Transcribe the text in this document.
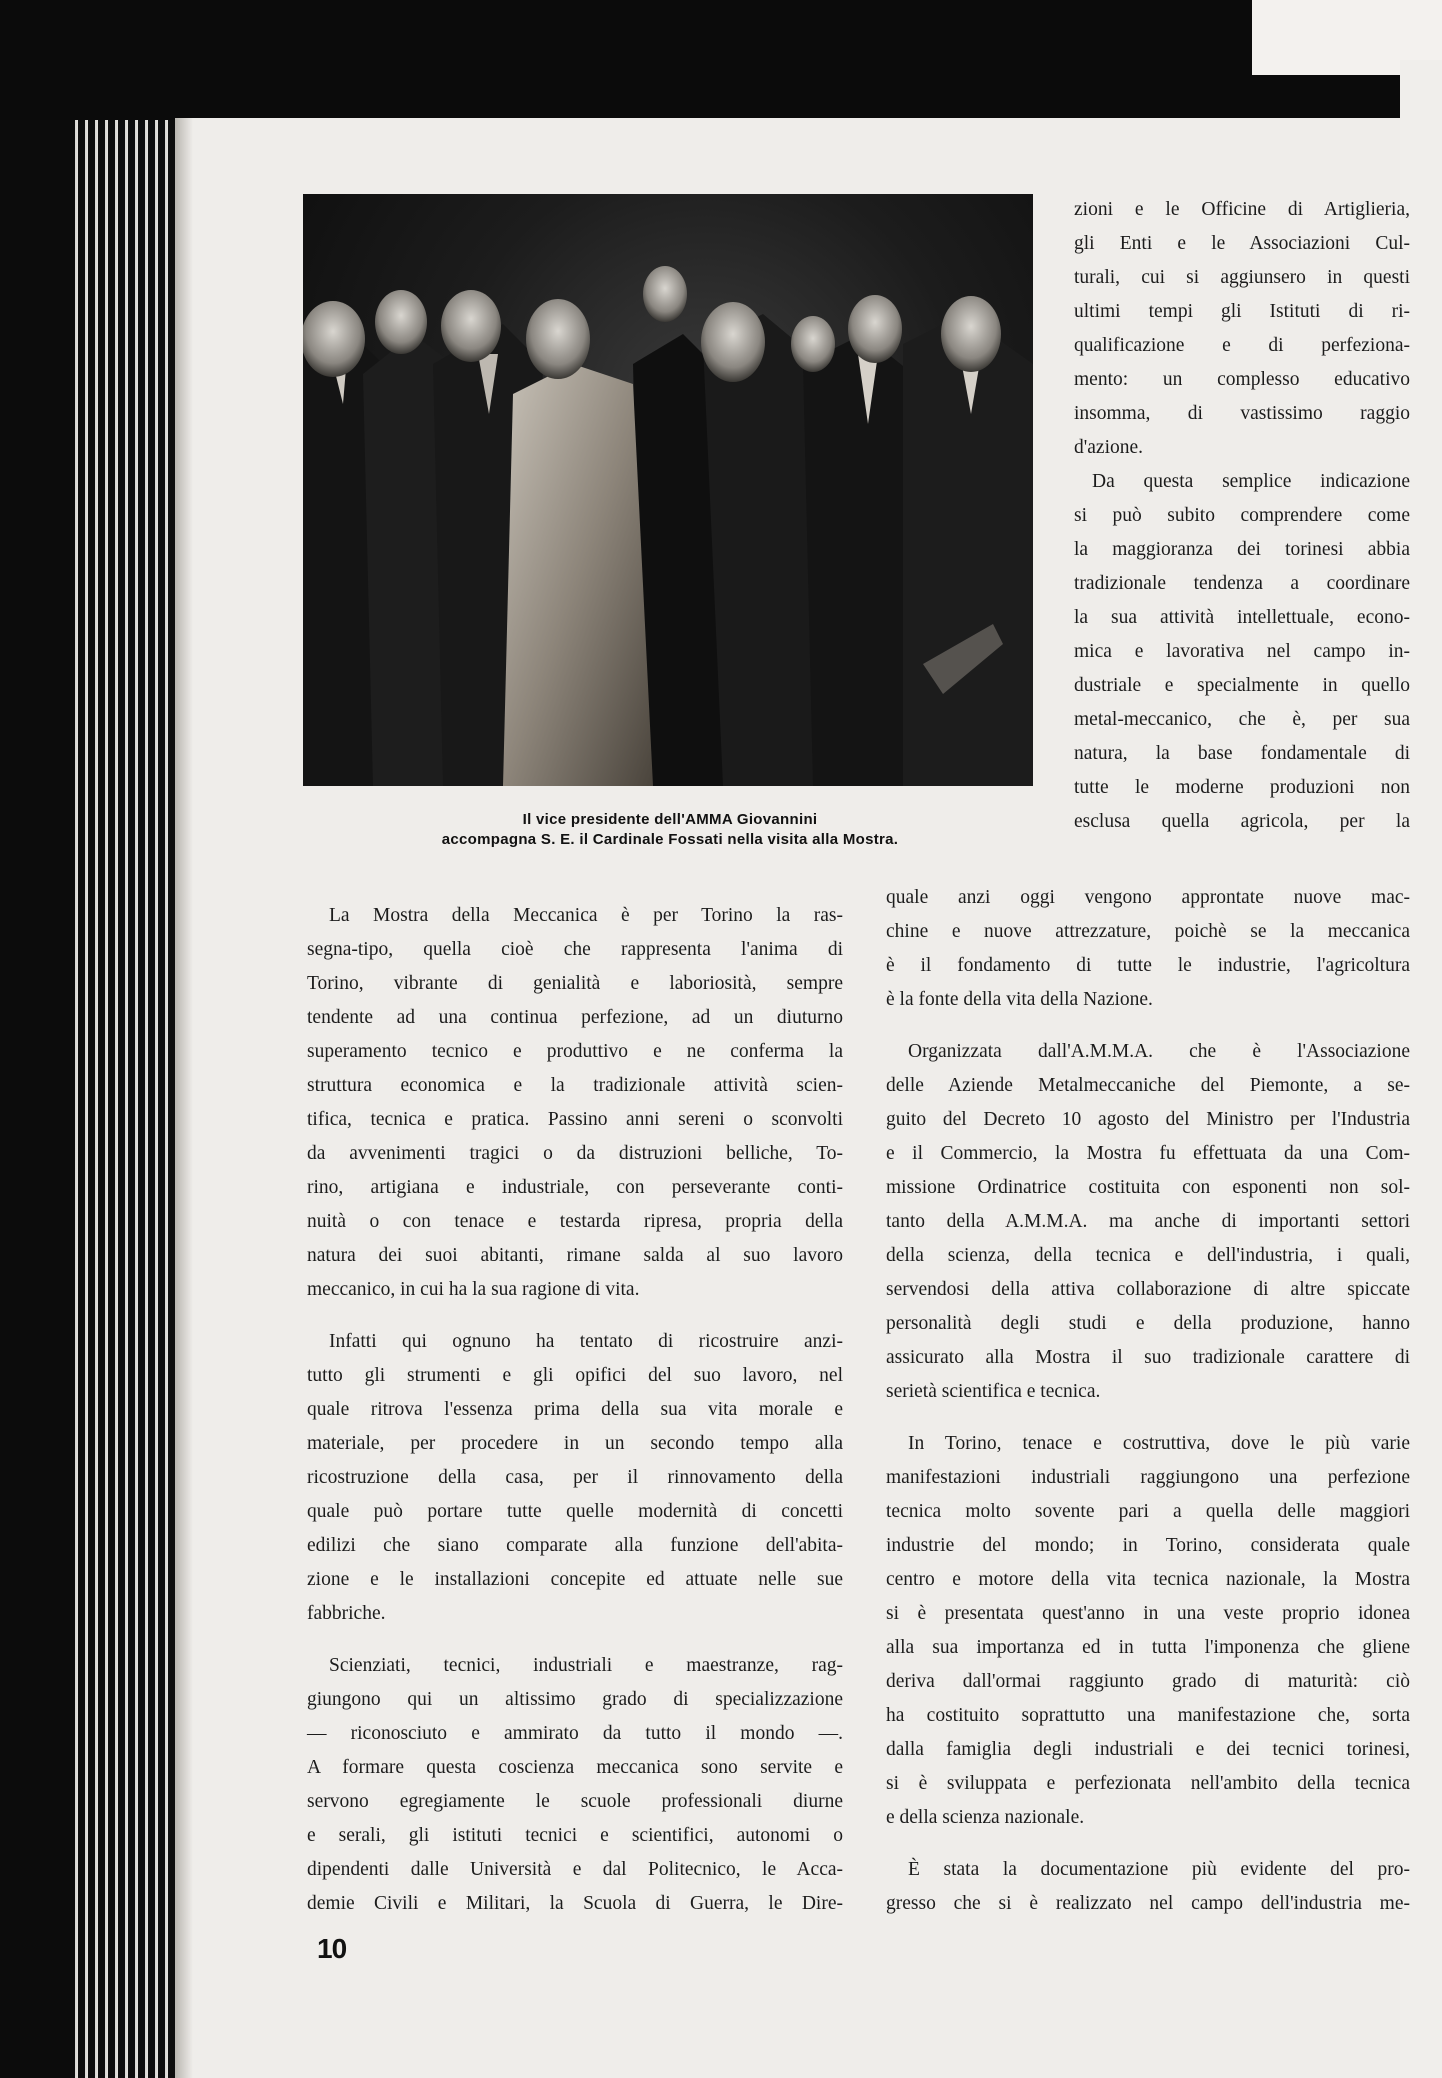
Il vice presidente dell'AMMA Giovannini
accompagna S. E. il Cardinale Fossati nella visita alla Mostra.
zioni e le Officine di Artiglieria,
gli Enti e le Associazioni Cul-
turali, cui si aggiunsero in questi
ultimi tempi gli Istituti di ri-
qualificazione e di perfeziona-
mento: un complesso educativo
insomma, di vastissimo raggio
d'azione.
Da questa semplice indicazione
si può subito comprendere come
la maggioranza dei torinesi abbia
tradizionale tendenza a coordinare
la sua attività intellettuale, econo-
mica e lavorativa nel campo in-
dustriale e specialmente in quello
metal-meccanico, che è, per sua
natura, la base fondamentale di
tutte le moderne produzioni non
esclusa quella agricola, per la
La Mostra della Meccanica è per Torino la ras-
segna-tipo, quella cioè che rappresenta l'anima di
Torino, vibrante di genialità e laboriosità, sempre
tendente ad una continua perfezione, ad un diuturno
superamento tecnico e produttivo e ne conferma la
struttura economica e la tradizionale attività scien-
tifica, tecnica e pratica. Passino anni sereni o sconvolti
da avvenimenti tragici o da distruzioni belliche, To-
rino, artigiana e industriale, con perseverante conti-
nuità o con tenace e testarda ripresa, propria della
natura dei suoi abitanti, rimane salda al suo lavoro
meccanico, in cui ha la sua ragione di vita.
Infatti qui ognuno ha tentato di ricostruire anzi-
tutto gli strumenti e gli opifici del suo lavoro, nel
quale ritrova l'essenza prima della sua vita morale e
materiale, per procedere in un secondo tempo alla
ricostruzione della casa, per il rinnovamento della
quale può portare tutte quelle modernità di concetti
edilizi che siano comparate alla funzione dell'abita-
zione e le installazioni concepite ed attuate nelle sue
fabbriche.
Scienziati, tecnici, industriali e maestranze, rag-
giungono qui un altissimo grado di specializzazione
— riconosciuto e ammirato da tutto il mondo —.
A formare questa coscienza meccanica sono servite e
servono egregiamente le scuole professionali diurne
e serali, gli istituti tecnici e scientifici, autonomi o
dipendenti dalle Università e dal Politecnico, le Acca-
demie Civili e Militari, la Scuola di Guerra, le Dire-
quale anzi oggi vengono approntate nuove mac-
chine e nuove attrezzature, poichè se la meccanica
è il fondamento di tutte le industrie, l'agricoltura
è la fonte della vita della Nazione.
Organizzata dall'A.M.M.A. che è l'Associazione
delle Aziende Metalmeccaniche del Piemonte, a se-
guito del Decreto 10 agosto del Ministro per l'Industria
e il Commercio, la Mostra fu effettuata da una Com-
missione Ordinatrice costituita con esponenti non sol-
tanto della A.M.M.A. ma anche di importanti settori
della scienza, della tecnica e dell'industria, i quali,
servendosi della attiva collaborazione di altre spiccate
personalità degli studi e della produzione, hanno
assicurato alla Mostra il suo tradizionale carattere di
serietà scientifica e tecnica.
In Torino, tenace e costruttiva, dove le più varie
manifestazioni industriali raggiungono una perfezione
tecnica molto sovente pari a quella delle maggiori
industrie del mondo; in Torino, considerata quale
centro e motore della vita tecnica nazionale, la Mostra
si è presentata quest'anno in una veste proprio idonea
alla sua importanza ed in tutta l'imponenza che gliene
deriva dall'ormai raggiunto grado di maturità: ciò
ha costituito soprattutto una manifestazione che, sorta
dalla famiglia degli industriali e dei tecnici torinesi,
si è sviluppata e perfezionata nell'ambito della tecnica
e della scienza nazionale.
È stata la documentazione più evidente del pro-
gresso che si è realizzato nel campo dell'industria me-
10
